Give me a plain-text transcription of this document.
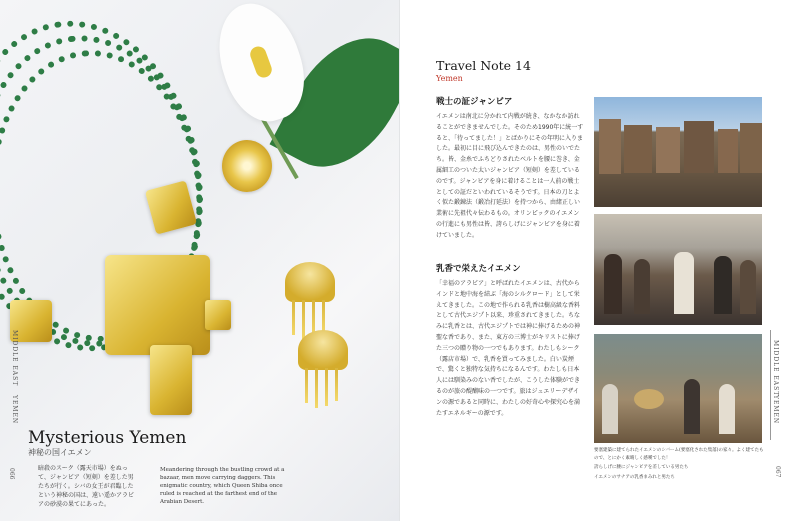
MIDDLE EAST
YEMEN
066
Mysterious Yemen
神秘の国イエメン
暗殺のスーク（露天市場）をぬって、ジャンビア（短剣）を差した男たちが行く。シバの女王が君臨したという神秘の国は、遠い遥かアラビアの砂漠の果てにあった。
Meandering through the bustling crowd at a bazaar, men move carrying daggers. This enigmatic country, which Queen Shiba once ruled is reached at the farthest end of the Arabian Desert.
Travel Note 14
Yemen
戦士の証ジャンビア
イエメンは南北に分かれて内戦が続き、なかなか訪れることができませんでした。そのため1990年に統一すると、「待ってました！」とばかりにその年明に入りました。最初に目に飛び込んできたのは、男性のいでたち。皆、金糸でふちどりされたベルトを腰に巻き、金属細工のついた太いジャンビア（短剣）を差しているのです。ジャンビアを身に着けることは一人前の戦士としての証だといわれているそうです。日本の刀とよく似た鍛錬法（鍛冶打延法）を持つから、由緒正しい業術に先祖代々伝わるもの。オリンピックのイエメンの行進にも男性は皆、誇らしげにジャンビアを身に着けていました。
乳香で栄えたイエメン
「幸福のアラビア」と呼ばれたイエメンは、古代からインドと地中海を結ぶ「海のシルクロード」として栄えてきました。この地で作られる乳香は樹高級な香料として古代エジプト以来、珍重されてきました。ちなみに乳香とは、古代エジプトでは神に捧げるための神聖な香であり、また、東方の三博士がキリストに捧げた三つの贈り物の一つでもあります。わたしもシーク（露店市場）で、乳香を買ってみました。白い炭煙で、驚くと独特な気持ちになるんです。わたしも日本人には馴染みのない香でしたが、こうした体験ができるのが旅の醍醐味の一つです。旅はジュエリーデザインの源であると同時に、わたしの好奇心や探究心を満たすエネルギーの源です。
要塞建築に建てられたイエメンのシバーム(要塞化された集落)の家々。よく建てたもので、とにかく素晴しく感嘆でした！
誇らしげに腰にジャンビアを差している男たち
イエメンのサナアの乳香まみれと男たち
MIDDLE EAST
YEMEN
067
